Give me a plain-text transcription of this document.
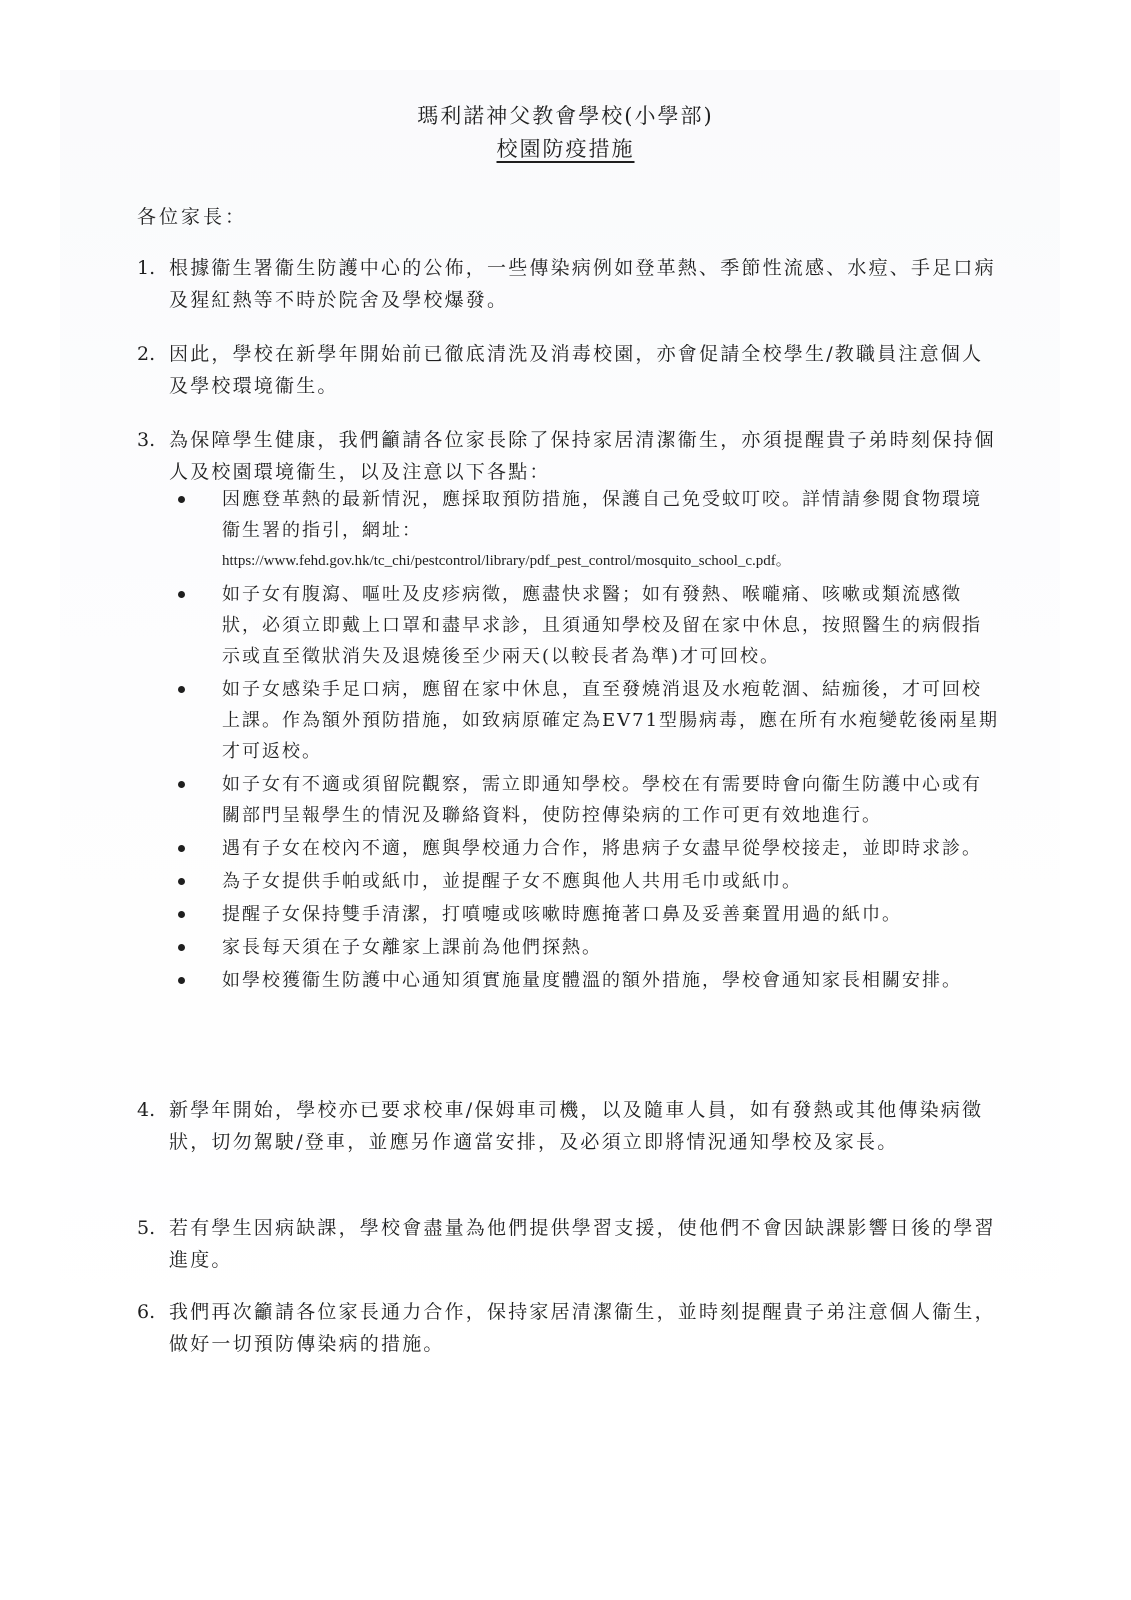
瑪利諾神父教會學校(小學部)
校園防疫措施
各位家長：
1. 根據衞生署衞生防護中心的公佈，一些傳染病例如登革熱、季節性流感、水痘、手足口病及猩紅熱等不時於院舍及學校爆發。
2. 因此，學校在新學年開始前已徹底清洗及消毒校園，亦會促請全校學生/教職員注意個人及學校環境衞生。
3. 為保障學生健康，我們籲請各位家長除了保持家居清潔衞生，亦須提醒貴子弟時刻保持個人及校園環境衞生，以及注意以下各點：
因應登革熱的最新情況，應採取預防措施，保護自己免受蚊叮咬。詳情請參閱食物環境衞生署的指引，網址：
https://www.fehd.gov.hk/tc_chi/pestcontrol/library/pdf_pest_control/mosquito_school_c.pdf。
如子女有腹瀉、嘔吐及皮疹病徵，應盡快求醫；如有發熱、喉嚨痛、咳嗽或類流感徵狀，必須立即戴上口罩和盡早求診，且須通知學校及留在家中休息，按照醫生的病假指示或直至徵狀消失及退燒後至少兩天(以較長者為準)才可回校。
如子女感染手足口病，應留在家中休息，直至發燒消退及水疱乾涸、結痂後，才可回校上課。作為額外預防措施，如致病原確定為EV71型腸病毒，應在所有水疱變乾後兩星期才可返校。
如子女有不適或須留院觀察，需立即通知學校。學校在有需要時會向衞生防護中心或有關部門呈報學生的情況及聯絡資料，使防控傳染病的工作可更有效地進行。
遇有子女在校內不適，應與學校通力合作，將患病子女盡早從學校接走，並即時求診。
為子女提供手帕或紙巾，並提醒子女不應與他人共用毛巾或紙巾。
提醒子女保持雙手清潔，打噴嚏或咳嗽時應掩著口鼻及妥善棄置用過的紙巾。
家長每天須在子女離家上課前為他們探熱。
如學校獲衞生防護中心通知須實施量度體溫的額外措施，學校會通知家長相關安排。
4. 新學年開始，學校亦已要求校車/保姆車司機，以及隨車人員，如有發熱或其他傳染病徵狀，切勿駕駛/登車，並應另作適當安排，及必須立即將情況通知學校及家長。
5. 若有學生因病缺課，學校會盡量為他們提供學習支援，使他們不會因缺課影響日後的學習進度。
6. 我們再次籲請各位家長通力合作，保持家居清潔衞生，並時刻提醒貴子弟注意個人衞生，做好一切預防傳染病的措施。
